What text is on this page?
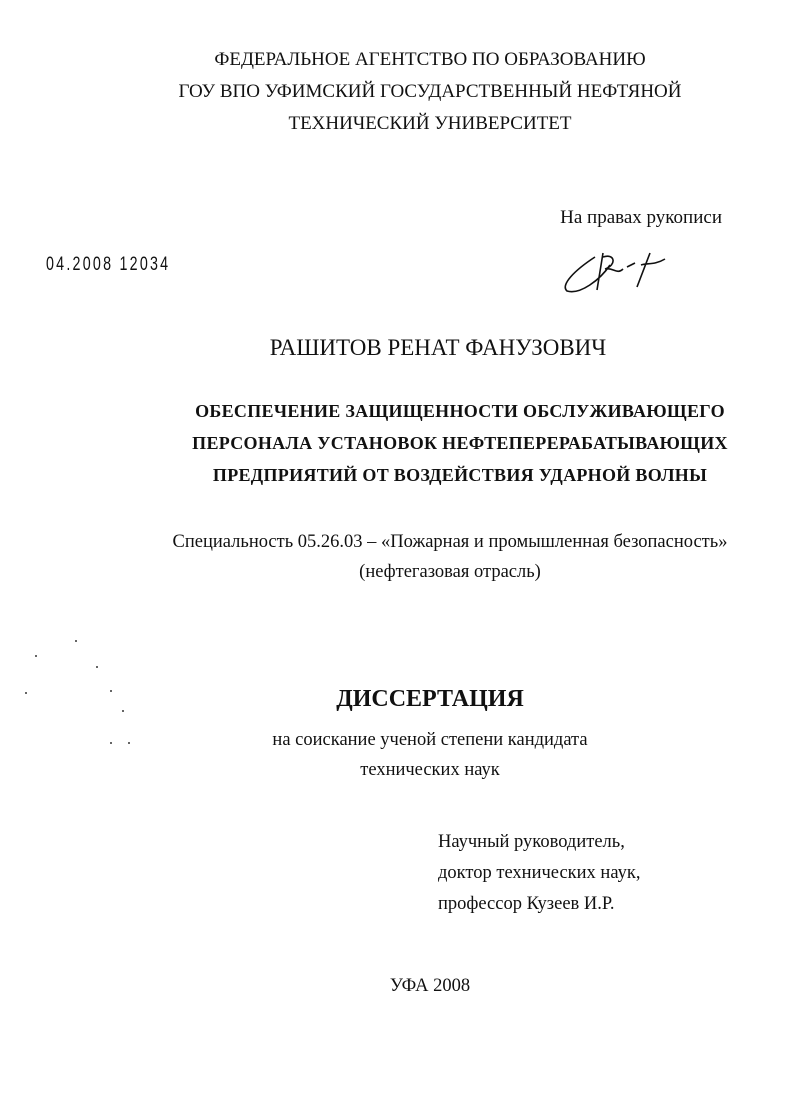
ФЕДЕРАЛЬНОЕ АГЕНТСТВО ПО ОБРАЗОВАНИЮ
ГОУ ВПО УФИМСКИЙ ГОСУДАРСТВЕННЫЙ НЕФТЯНОЙ
ТЕХНИЧЕСКИЙ УНИВЕРСИТЕТ
На правах рукописи
04.2008 12034
РАШИТОВ РЕНАТ ФАНУЗОВИЧ
ОБЕСПЕЧЕНИЕ ЗАЩИЩЕННОСТИ ОБСЛУЖИВАЮЩЕГО
ПЕРСОНАЛА УСТАНОВОК НЕФТЕПЕРЕРАБАТЫВАЮЩИХ
ПРЕДПРИЯТИЙ ОТ ВОЗДЕЙСТВИЯ УДАРНОЙ ВОЛНЫ
Специальность 05.26.03 – «Пожарная и промышленная безопасность»
(нефтегазовая отрасль)
ДИССЕРТАЦИЯ
на соискание ученой степени кандидата
технических наук
Научный руководитель,
доктор технических наук,
профессор Кузеев И.Р.
УФА 2008
